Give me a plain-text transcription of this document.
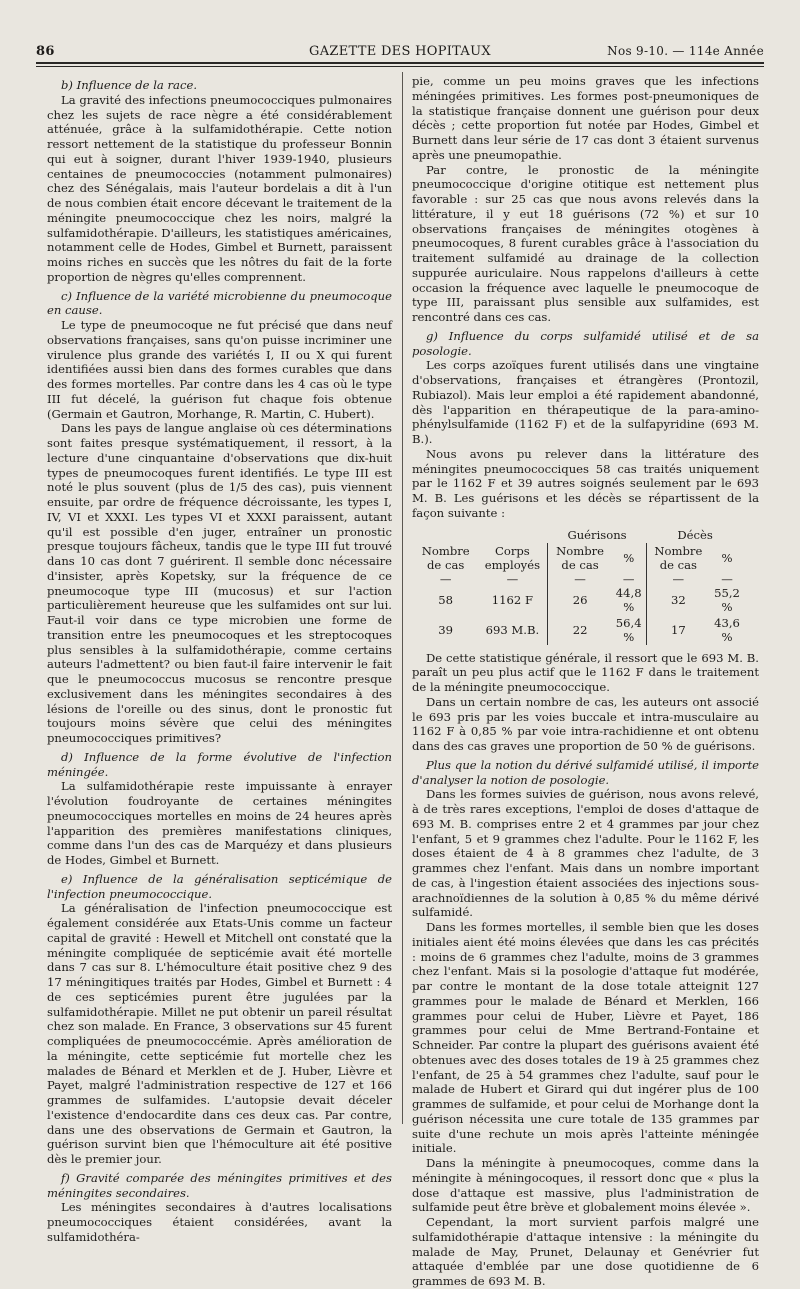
86	GAZETTE DES HOPITAUX	Nos 9-10. — 114e Année

b) Influence de la race.

La gravité des infections pneumococciques pulmonaires chez les sujets de race nègre a été considérablement atténuée, grâce à la sulfamidothérapie. Cette notion ressort nettement de la statistique du professeur Bonnin qui eut à soigner, durant l'hiver 1939-1940, plusieurs centaines de pneumococcies (notamment pulmonaires) chez des Sénégalais, mais l'auteur bordelais a dit à l'un de nous combien était encore décevant le traitement de la méningite pneumococcique chez les noirs, malgré la sulfamidothérapie. D'ailleurs, les statistiques américaines, notamment celle de Hodes, Gimbel et Burnett, paraissent moins riches en succès que les nôtres du fait de la forte proportion de nègres qu'elles comprennent.

c) Influence de la variété microbienne du pneumocoque en cause.

Le type de pneumocoque ne fut précisé que dans neuf observations françaises, sans qu'on puisse incriminer une virulence plus grande des variétés I, II ou X qui furent identifiées aussi bien dans des formes curables que dans des formes mortelles. Par contre dans les 4 cas où le type III fut décelé, la guérison fut chaque fois obtenue (Germain et Gautron, Morhange, R. Martin, C. Hubert).

Dans les pays de langue anglaise où ces déterminations sont faites presque systématiquement, il ressort, à la lecture d'une cinquantaine d'observations que dix-huit types de pneumocoques furent identifiés. Le type III est noté le plus souvent (plus de 1/5 des cas), puis viennent ensuite, par ordre de fréquence décroissante, les types I, IV, VI et XXXI. Les types VI et XXXI paraissent, autant qu'il est possible d'en juger, entraîner un pronostic presque toujours fâcheux, tandis que le type III fut trouvé dans 10 cas dont 7 guérirent. Il semble donc nécessaire d'insister, après Kopetsky, sur la fréquence de ce pneumocoque type III (mucosus) et sur l'action particulièrement heureuse que les sulfamides ont sur lui. Faut-il voir dans ce type microbien une forme de transition entre les pneumocoques et les streptocoques plus sensibles à la sulfamidothérapie, comme certains auteurs l'admettent? ou bien faut-il faire intervenir le fait que le pneumococcus mucosus se rencontre presque exclusivement dans les méningites secondaires à des lésions de l'oreille ou des sinus, dont le pronostic fut toujours moins sévère que celui des méningites pneumococciques primitives?

d) Influence de la forme évolutive de l'infection méningée.

La sulfamidothérapie reste impuissante à enrayer l'évolution foudroyante de certaines méningites pneumococciques mortelles en moins de 24 heures après l'apparition des premières manifestations cliniques, comme dans l'un des cas de Marquézy et dans plusieurs de Hodes, Gimbel et Burnett.

e) Influence de la généralisation septicémique de l'infection pneumococcique.

La généralisation de l'infection pneumococcique est également considérée aux Etats-Unis comme un facteur capital de gravité : Hewell et Mitchell ont constaté que la méningite compliquée de septicémie avait été mortelle dans 7 cas sur 8. L'hémoculture était positive chez 9 des 17 méningitiques traités par Hodes, Gimbel et Burnett : 4 de ces septicémies purent être jugulées par la sulfamidothérapie. Millet ne put obtenir un pareil résultat chez son malade. En France, 3 observations sur 45 furent compliquées de pneumococcémie. Après amélioration de la méningite, cette septicémie fut mortelle chez les malades de Bénard et Merklen et de J. Huber, Lièvre et Payet, malgré l'administration respective de 127 et 166 grammes de sulfamides. L'autopsie devait déceler l'existence d'endocardite dans ces deux cas. Par contre, dans une des observations de Germain et Gautron, la guérison survint bien que l'hémoculture ait été positive dès le premier jour.

f) Gravité comparée des méningites primitives et des méningites secondaires.

Les méningites secondaires à d'autres localisations pneumococciques étaient considérées, avant la sulfamidothéra-

pie, comme un peu moins graves que les infections méningées primitives. Les formes post-pneumoniques de la statistique française donnent une guérison pour deux décès ; cette proportion fut notée par Hodes, Gimbel et Burnett dans leur série de 17 cas dont 3 étaient survenus après une pneumopathie.

Par contre, le pronostic de la méningite pneumococcique d'origine otitique est nettement plus favorable : sur 25 cas que nous avons relevés dans la littérature, il y eut 18 guérisons (72 %) et sur 10 observations françaises de méningites otogènes à pneumocoques, 8 furent curables grâce à l'association du traitement sulfamidé au drainage de la collection suppurée auriculaire. Nous rappelons d'ailleurs à cette occasion la fréquence avec laquelle le pneumocoque de type III, paraissant plus sensible aux sulfamides, est rencontré dans ces cas.

g) Influence du corps sulfamidé utilisé et de sa posologie.

Les corps azoïques furent utilisés dans une vingtaine d'observations, françaises et étrangères (Prontozil, Rubiazol). Mais leur emploi a été rapidement abandonné, dès l'apparition en thérapeutique de la para-amino-phénylsulfamide (1162 F) et de la sulfapyridine (693 M. B.).

Nous avons pu relever dans la littérature des méningites pneumococciques 58 cas traités uniquement par le 1162 F et 39 autres soignés seulement par le 693 M. B. Les guérisons et les décès se répartissent de la façon suivante :

		Guérisons		Décès	
Nombre de cas	Corps employés	Nombre de cas	%	Nombre de cas	%
—	—	—	—	—	—
58	1162 F	26	44,8 %	32	55,2 %
39	693 M.B.	22	56,4 %	17	43,6 %

De cette statistique générale, il ressort que le 693 M. B. paraît un peu plus actif que le 1162 F dans le traitement de la méningite pneumococcique.

Dans un certain nombre de cas, les auteurs ont associé le 693 pris par les voies buccale et intra-musculaire au 1162 F à 0,85 % par voie intra-rachidienne et ont obtenu dans des cas graves une proportion de 50 % de guérisons.

Plus que la notion du dérivé sulfamidé utilisé, il importe d'analyser la notion de posologie.

Dans les formes suivies de guérison, nous avons relevé, à de très rares exceptions, l'emploi de doses d'attaque de 693 M. B. comprises entre 2 et 4 grammes par jour chez l'enfant, 5 et 9 grammes chez l'adulte. Pour le 1162 F, les doses étaient de 4 à 8 grammes chez l'adulte, de 3 grammes chez l'enfant. Mais dans un nombre important de cas, à l'ingestion étaient associées des injections sous-arachnoïdiennes de la solution à 0,85 % du même dérivé sulfamidé.

Dans les formes mortelles, il semble bien que les doses initiales aient été moins élevées que dans les cas précités : moins de 6 grammes chez l'adulte, moins de 3 grammes chez l'enfant. Mais si la posologie d'attaque fut modérée, par contre le montant de la dose totale atteignit 127 grammes pour le malade de Bénard et Merklen, 166 grammes pour celui de Huber, Lièvre et Payet, 186 grammes pour celui de Mme Bertrand-Fontaine et Schneider. Par contre la plupart des guérisons avaient été obtenues avec des doses totales de 19 à 25 grammes chez l'enfant, de 25 à 54 grammes chez l'adulte, sauf pour le malade de Hubert et Girard qui dut ingérer plus de 100 grammes de sulfamide, et pour celui de Morhange dont la guérison nécessita une cure totale de 135 grammes par suite d'une rechute un mois après l'atteinte méningée initiale.

Dans la méningite à pneumocoques, comme dans la méningite à méningocoques, il ressort donc que « plus la dose d'attaque est massive, plus l'administration de sulfamide peut être brève et globalement moins élevée ».

Cependant, la mort survient parfois malgré une sulfamidothérapie d'attaque intensive : la méningite du malade de May, Prunet, Delaunay et Genévrier fut attaquée d'emblée par une dose quotidienne de 6 grammes de 693 M. B.
